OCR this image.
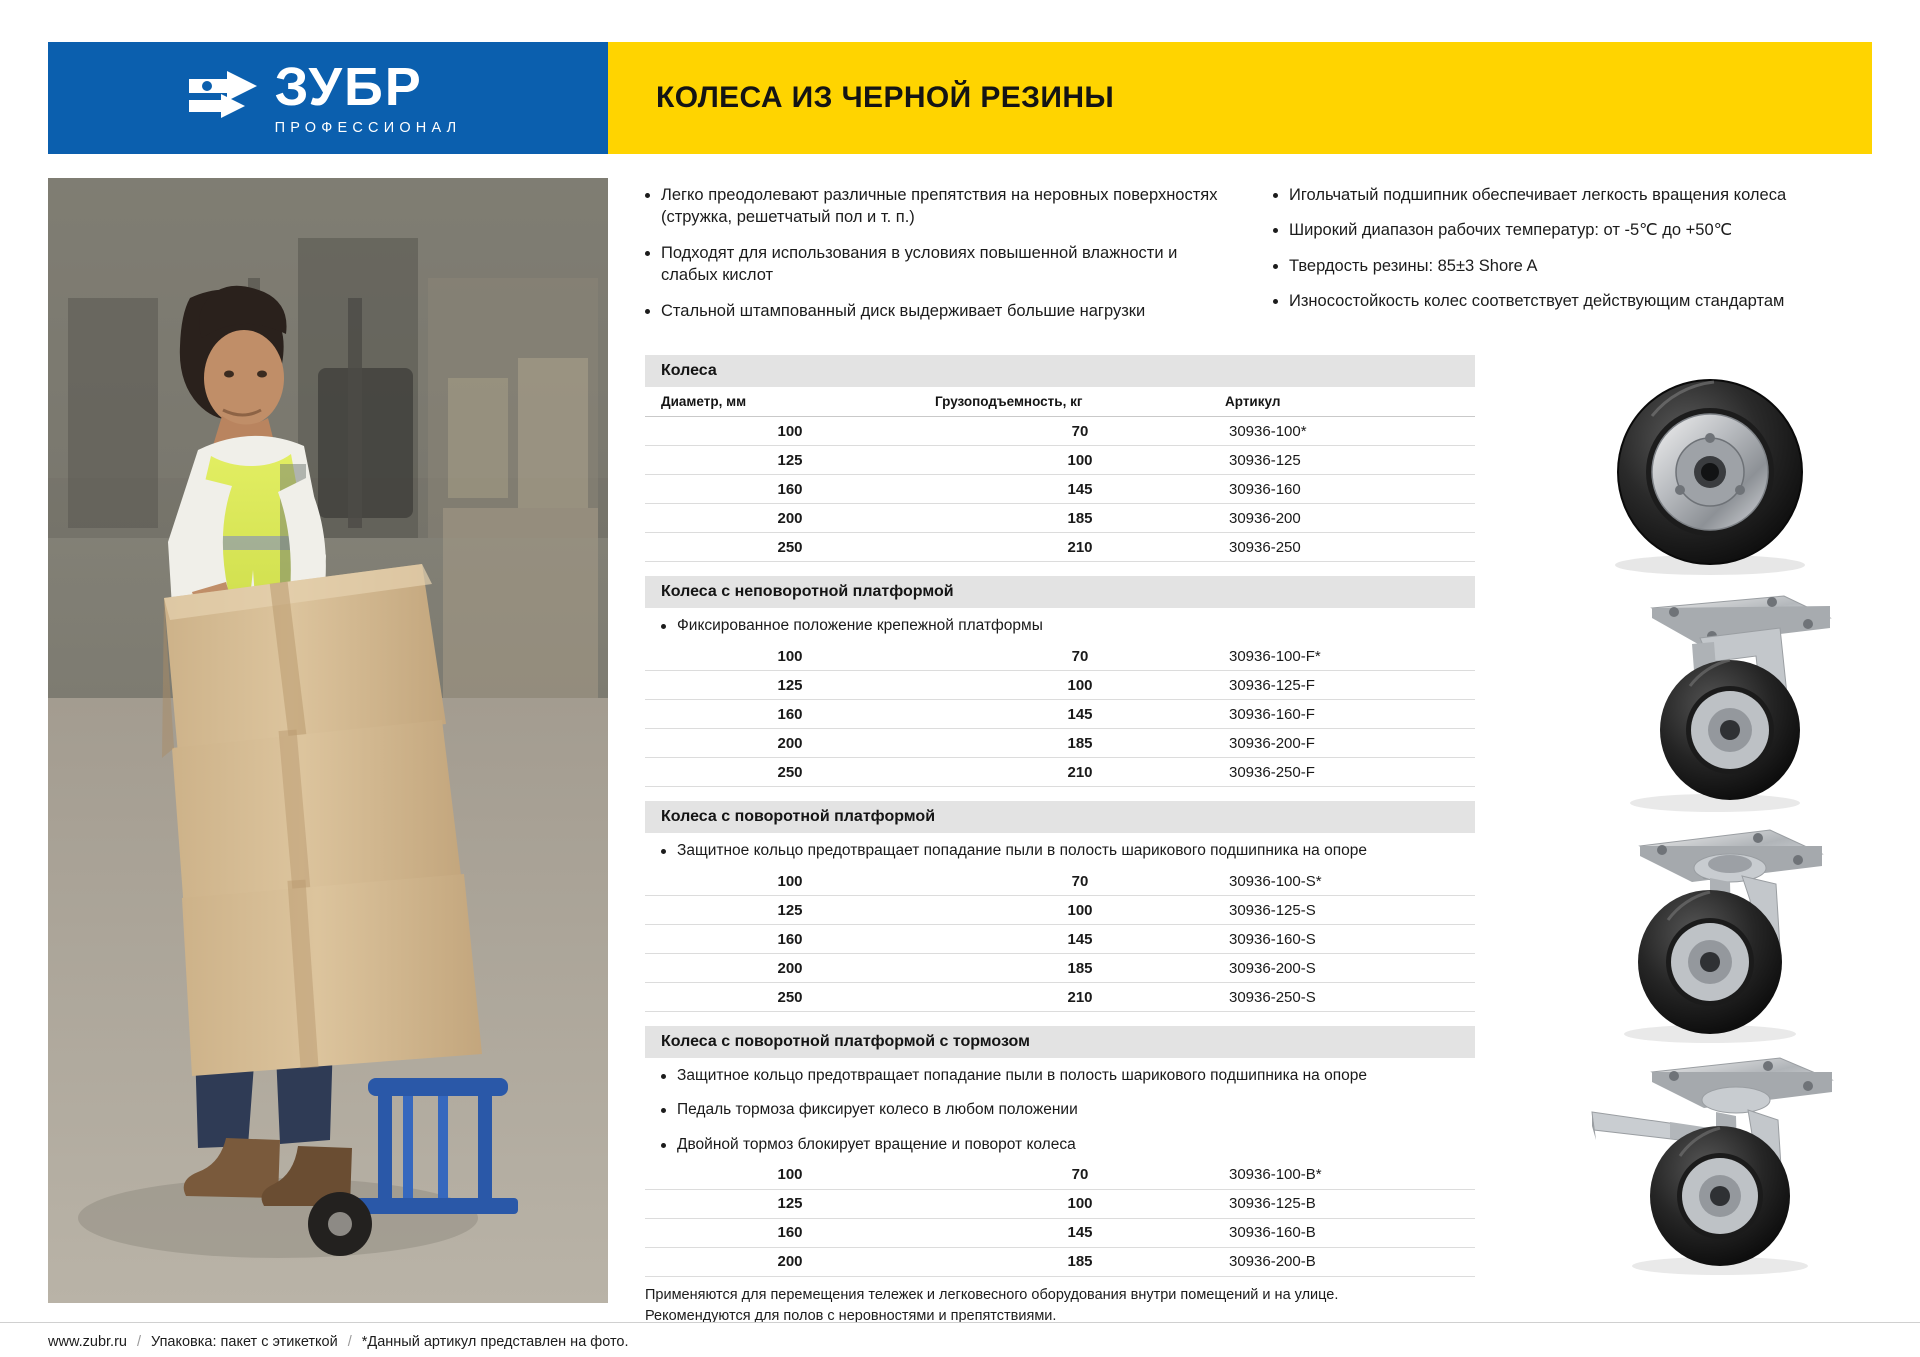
ЗУБР
ПРОФЕССИОНАЛ
КОЛЕСА ИЗ ЧЕРНОЙ РЕЗИНЫ
Легко преодолевают различные препятствия на неровных поверхностях (стружка, решетчатый пол и т. п.)
Подходят для использования в условиях повышенной влажности и слабых кислот
Стальной штампованный диск выдерживает большие нагрузки
Игольчатый подшипник обеспечивает легкость вращения колеса
Широкий диапазон рабочих температур: от -5℃ до +50℃
Твердость резины: 85±3 Shore A
Износостойкость колес соответствует действующим стандартам
Колеса
Диаметр, мм	Грузоподъемность, кг	Артикул
100	70	30936-100*
125	100	30936-125
160	145	30936-160
200	185	30936-200
250	210	30936-250
Колеса с неповоротной платформой
Фиксированное положение крепежной платформы
100	70	30936-100-F*
125	100	30936-125-F
160	145	30936-160-F
200	185	30936-200-F
250	210	30936-250-F
Колеса с поворотной платформой
Защитное кольцо предотвращает попадание пыли в полость шарикового подшипника на опоре
100	70	30936-100-S*
125	100	30936-125-S
160	145	30936-160-S
200	185	30936-200-S
250	210	30936-250-S
Колеса с поворотной платформой с тормозом
Защитное кольцо предотвращает попадание пыли в полость шарикового подшипника на опоре
Педаль тормоза фиксирует колесо в любом положении
Двойной тормоз блокирует вращение и поворот колеса
100	70	30936-100-B*
125	100	30936-125-B
160	145	30936-160-B
200	185	30936-200-B
Применяются для перемещения тележек и легковесного оборудования внутри помещений и на улице.
Рекомендуются для полов с неровностями и препятствиями.
www.zubr.ru / Упаковка: пакет с этикеткой / *Данный артикул представлен на фото.
